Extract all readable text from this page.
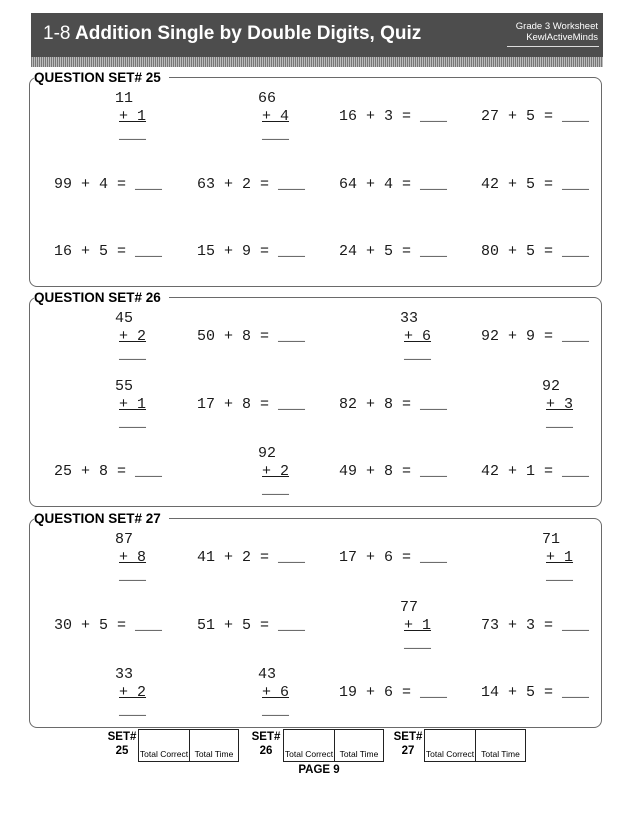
1-8 Addition Single by Double Digits, Quiz	Grade 3 Worksheet
KewlActiveMinds
QUESTION SET# 25
11
+ 1
___
66
+ 4
___
16 + 3 = ___ 27 + 5 = ___
99 + 4 = ___ 63 + 2 = ___ 64 + 4 = ___ 42 + 5 = ___
16 + 5 = ___ 15 + 9 = ___ 24 + 5 = ___ 80 + 5 = ___
QUESTION SET# 26
45
+ 2
___
50 + 8 = ___
33
+ 6
___
92 + 9 = ___
55
+ 1
___
17 + 8 = ___ 82 + 8 = ___
92
+ 3
___
25 + 8 = ___
92
+ 2
___
49 + 8 = ___ 42 + 1 = ___
QUESTION SET# 27
87
+ 8
___
41 + 2 = ___ 17 + 6 = ___
71
+ 1
___
30 + 5 = ___ 51 + 5 = ___
77
+ 1
___
73 + 3 = ___
33
+ 2
___
43
+ 6
___
19 + 6 = ___ 14 + 5 = ___
SET#
25	Total Correct Total Time
SET#
26	Total Correct Total Time
SET#
27	Total Correct Total Time
PAGE 9
